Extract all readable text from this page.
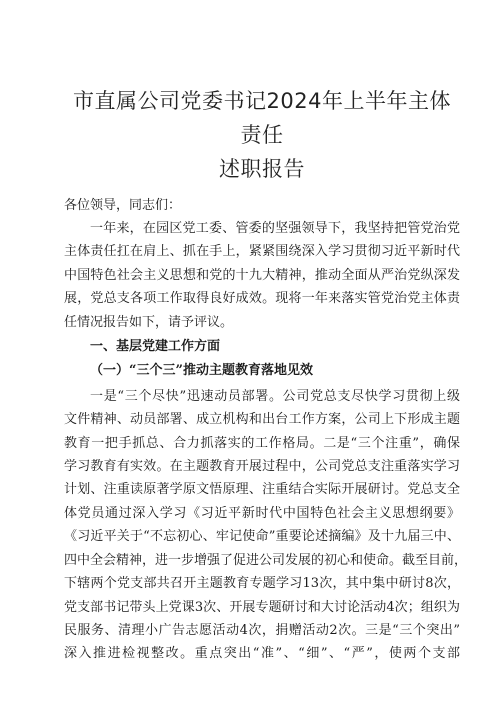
市直属公司党委书记2024年上半年主体责任
述职报告
各位领导，同志们：
一年来，在园区党工委、管委的坚强领导下，我坚持把管党治党
主体责任扛在肩上、抓在手上，紧紧围绕深入学习贯彻习近平新时代
中国特色社会主义思想和党的十九大精神，推动全面从严治党纵深发
展，党总支各项工作取得良好成效。现将一年来落实管党治党主体责
任情况报告如下，请予评议。
一、基层党建工作方面
（一）“三个三”推动主题教育落地见效
一是“三个尽快”迅速动员部署。公司党总支尽快学习贯彻上级
文件精神、动员部署、成立机构和出台工作方案，公司上下形成主题
教育一把手抓总、合力抓落实的工作格局。二是“三个注重”，确保
学习教育有实效。在主题教育开展过程中，公司党总支注重落实学习
计划、注重读原著学原文悟原理、注重结合实际开展研讨。党总支全
体党员通过深入学习《习近平新时代中国特色社会主义思想纲要》
《习近平关于“不忘初心、牢记使命”重要论述摘编》及十九届三中、
四中全会精神，进一步增强了促进公司发展的初心和使命。截至目前，
下辖两个党支部共召开主题教育专题学习13次，其中集中研讨8次，
党支部书记带头上党课3次、开展专题研讨和大讨论活动4次；组织为
民服务、清理小广告志愿活动4次，捐赠活动2次。三是“三个突出”
深入推进检视整改。重点突出“准”、“细”、“严”，使两个支部
